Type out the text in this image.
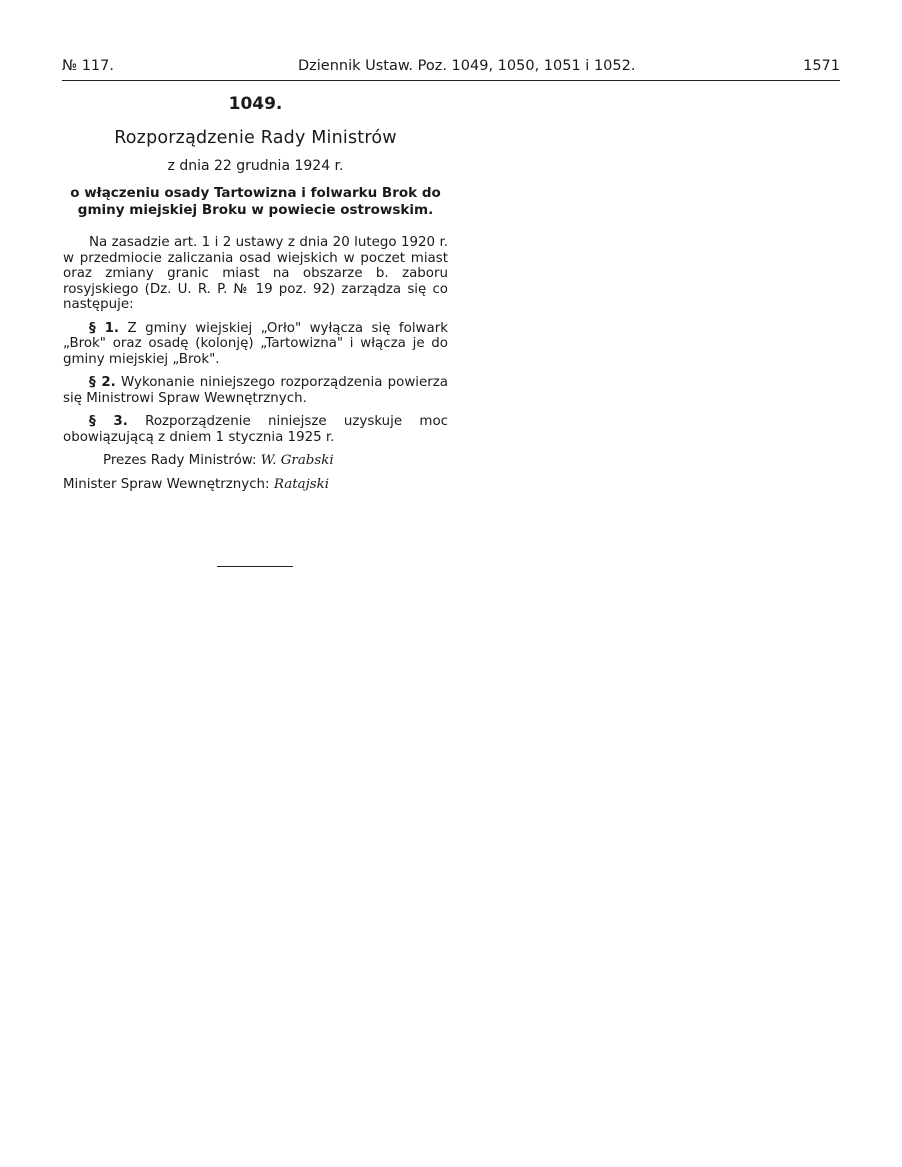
№ 117.	Dziennik Ustaw. Poz. 1049, 1050, 1051 i 1052.	1571
1049.
Rozporządzenie Rady Ministrów
z dnia 22 grudnia 1924 r.
o włączeniu osady Tartowizna i folwarku Brok do gminy miejskiej Broku w powiecie ostrowskim.

Na zasadzie art. 1 i 2 ustawy z dnia 20 lutego 1920 r. w przedmiocie zaliczania osad wiejskich w poczet miast oraz zmiany granic miast na obszarze b. zaboru rosyjskiego (Dz. U. R. P. № 19 poz. 92) zarządza się co następuje:

§ 1. Z gminy wiejskiej „Orło" wyłącza się folwark „Brok" oraz osadę (kolonję) „Tartowizna" i włącza je do gminy miejskiej „Brok".

§ 2. Wykonanie niniejszego rozporządzenia powierza się Ministrowi Spraw Wewnętrznych.

§ 3. Rozporządzenie niniejsze uzyskuje moc obowiązującą z dniem 1 stycznia 1925 r.

Prezes Rady Ministrów: W. Grabski
Minister Spraw Wewnętrznych: Ratajski
